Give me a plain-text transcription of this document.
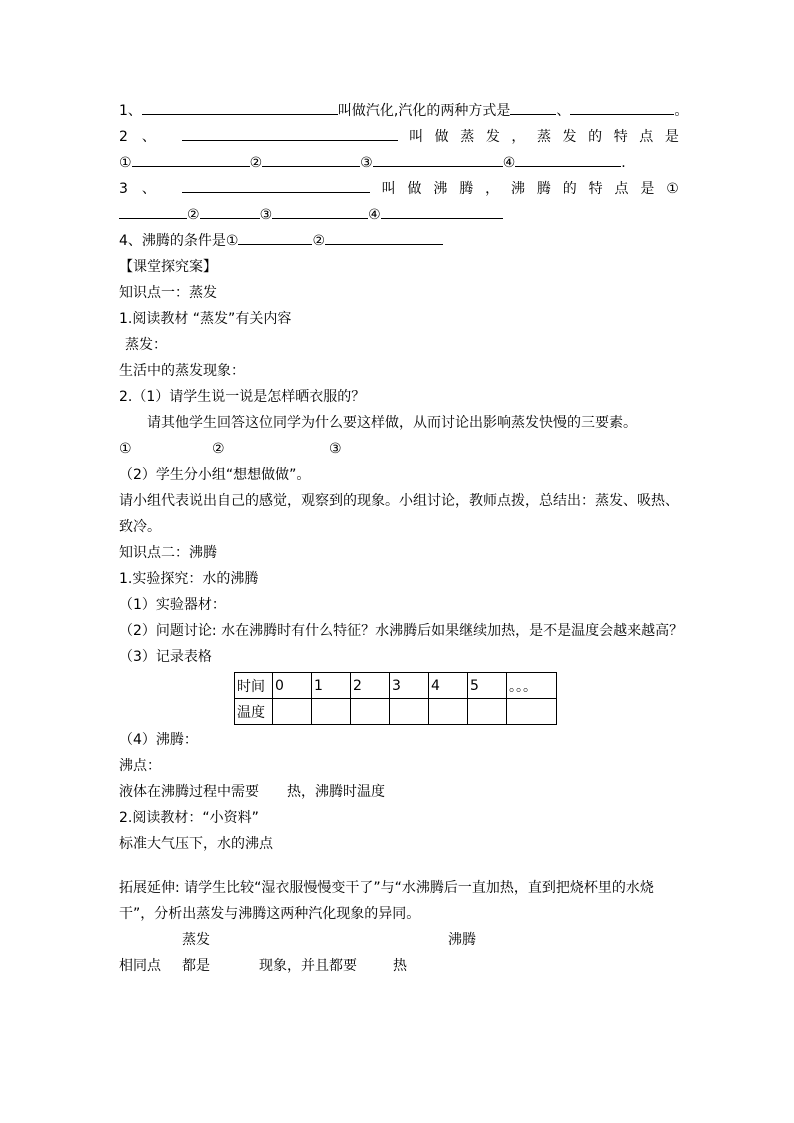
1、	叫做汽化,汽化的两种方式是	、	。
2、	叫 做 蒸 发 ， 蒸 发 的 特 点 是
①	②	③	④	.
3、	叫 做 沸 腾 ， 沸 腾 的 特 点 是 ①
②	③	④
4、沸腾的条件是①	②
【课堂探究案】
知识点一：蒸发
1.阅读教材 “蒸发”有关内容
蒸发：
生活中的蒸发现象：
2.（1）请学生说一说是怎样晒衣服的？
请其他学生回答这位同学为什么要这样做，从而讨论出影响蒸发快慢的三要素。
①	②	③
（2）学生分小组“想想做做”。
请小组代表说出自己的感觉，观察到的现象。小组讨论，教师点拨，总结出：蒸发、吸热、
致冷。
知识点二：沸腾
1.实验探究：水的沸腾
（1）实验器材：
（2）问题讨论: 水在沸腾时有什么特征？水沸腾后如果继续加热，是不是温度会越来越高？
（3）记录表格
时间	0	1	2	3	4	5	。。。
温度							
（4）沸腾：
沸点：
液体在沸腾过程中需要 热，沸腾时温度
2.阅读教材：“小资料”
标准大气压下，水的沸点
拓展延伸: 请学生比较“湿衣服慢慢变干了”与“水沸腾后一直加热，直到把烧杯里的水烧
干”，分析出蒸发与沸腾这两种汽化现象的异同。
蒸发	沸腾
相同点 都是	现象，并且都要	热
